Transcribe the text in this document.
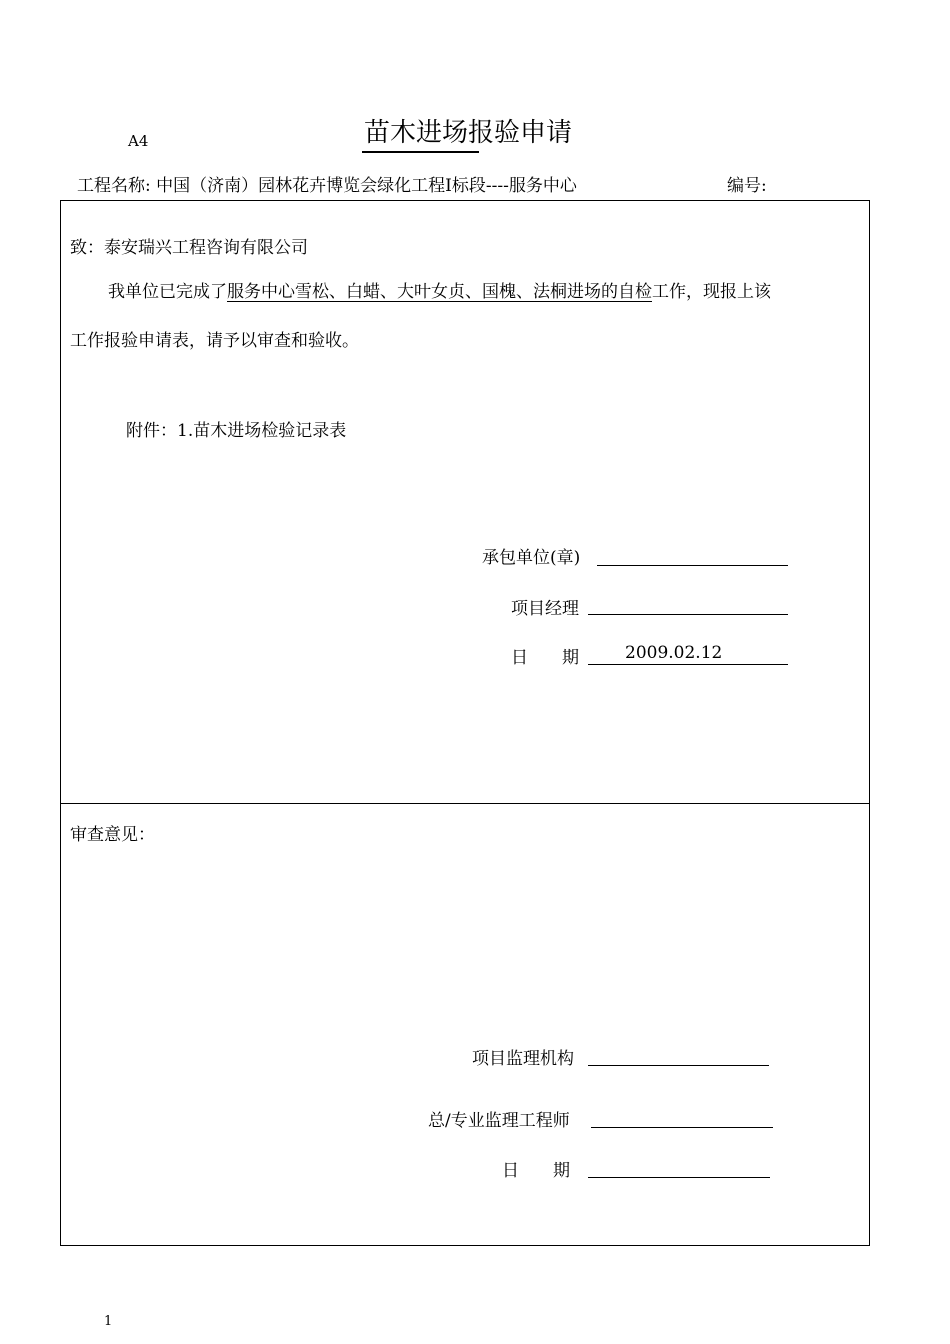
A4	苗木进场报验申请
工程名称: 中国（济南）园林花卉博览会绿化工程Ⅰ标段----服务中心	编号:
致：泰安瑞兴工程咨询有限公司
我单位已完成了服务中心雪松、白蜡、大叶女贞、国槐、法桐进场的自检工作，现报上该
工作报验申请表，请予以审查和验收。
附件：1.苗木进场检验记录表
承包单位(章)
项目经理
日　　期	2009.02.12
审查意见：
项目监理机构
总/专业监理工程师
日　　期
1
